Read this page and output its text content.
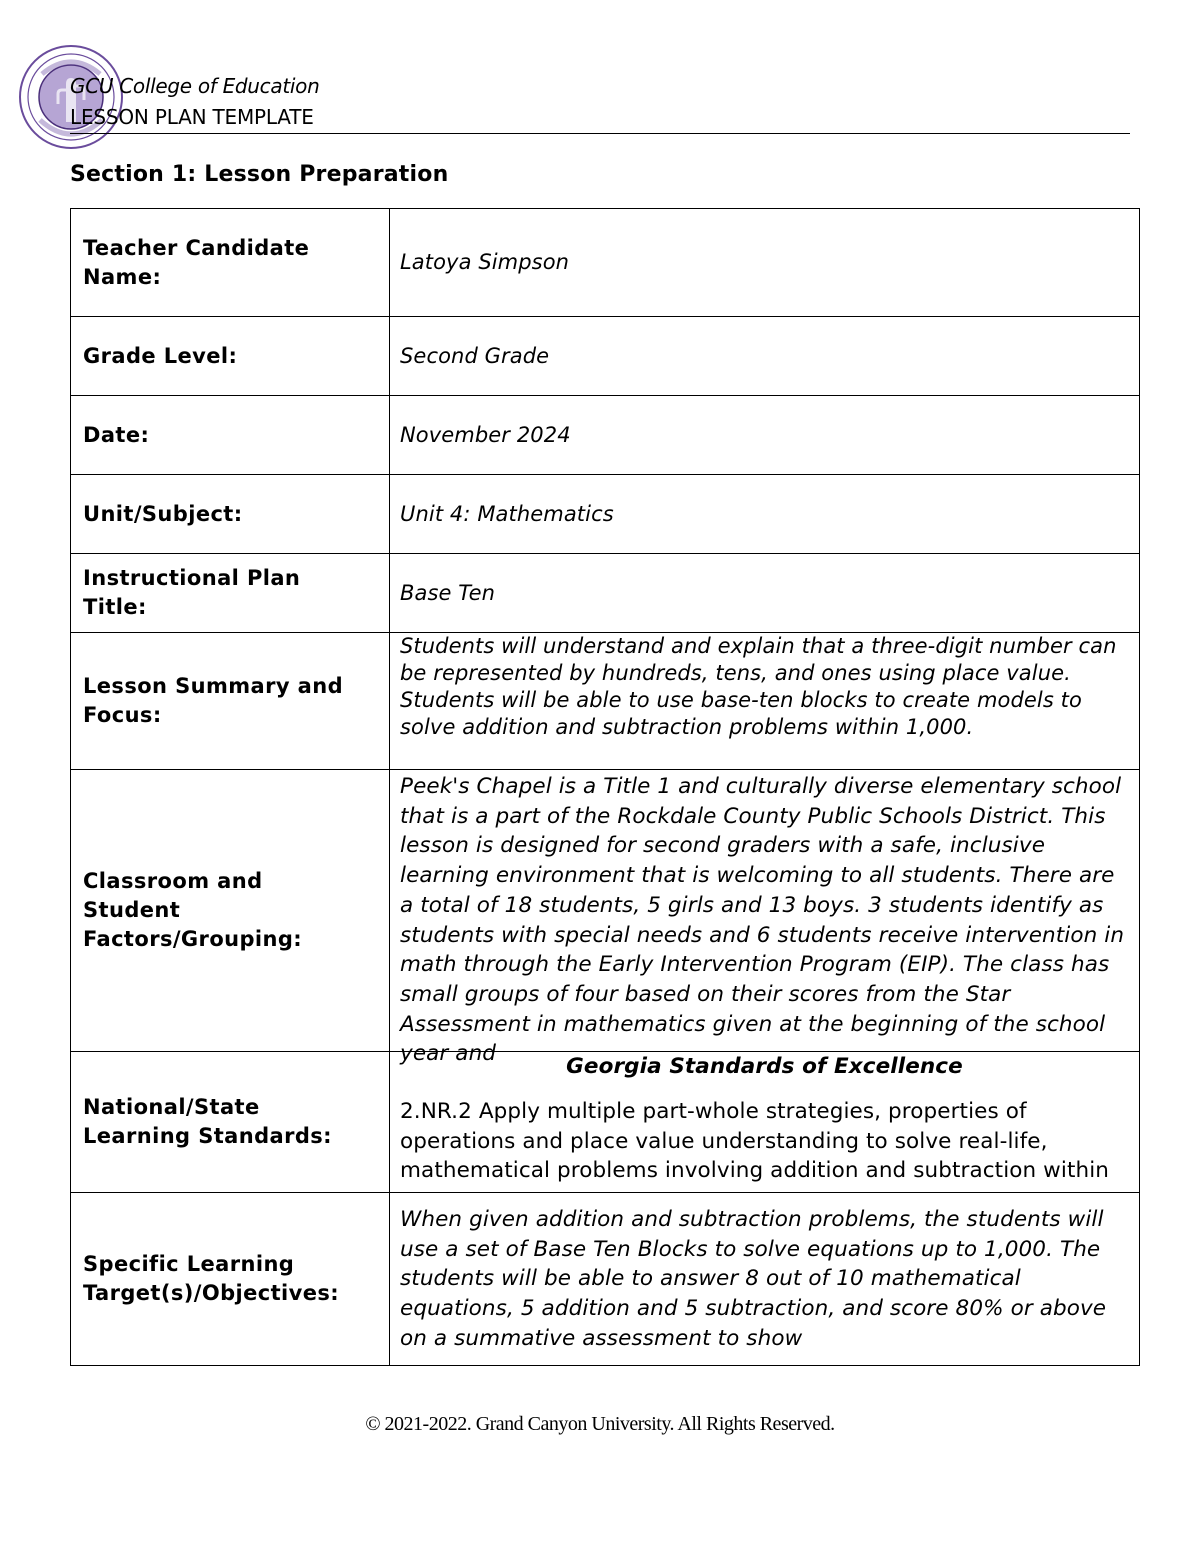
GCU College of Education
LESSON PLAN TEMPLATE
Section 1: Lesson Preparation
Teacher Candidate Name:	Latoya Simpson

Grade Level:	Second Grade

Date:	November 2024

Unit/Subject:	Unit 4: Mathematics

Instructional Plan Title:	Base Ten

Lesson Summary and Focus:	Students will understand and explain that a three-digit number can be represented by hundreds, tens, and ones using place value.
Students will be able to use base-ten blocks to create models to solve addition and subtraction problems within 1,000.

Classroom and Student Factors/Grouping:	Peek's Chapel is a Title 1 and culturally diverse elementary school that is a part of the Rockdale County Public Schools District. This lesson is designed for second graders with a safe, inclusive learning environment that is welcoming to all students. There are a total of 18 students, 5 girls and 13 boys. 3 students identify as students with special needs and 6 students receive intervention in math through the Early Intervention Program (EIP). The class has small groups of four based on their scores from the Star Assessment in mathematics given at the beginning of the school year and

National/State Learning Standards:	Georgia Standards of Excellence
2.NR.2 Apply multiple part-whole strategies, properties of operations and place value understanding to solve real-life, mathematical problems involving addition and subtraction within

Specific Learning Target(s)/Objectives:	When given addition and subtraction problems, the students will use a set of Base Ten Blocks to solve equations up to 1,000. The students will be able to answer 8 out of 10 mathematical equations, 5 addition and 5 subtraction, and score 80% or above on a summative assessment to show
© 2021-2022. Grand Canyon University. All Rights Reserved.
